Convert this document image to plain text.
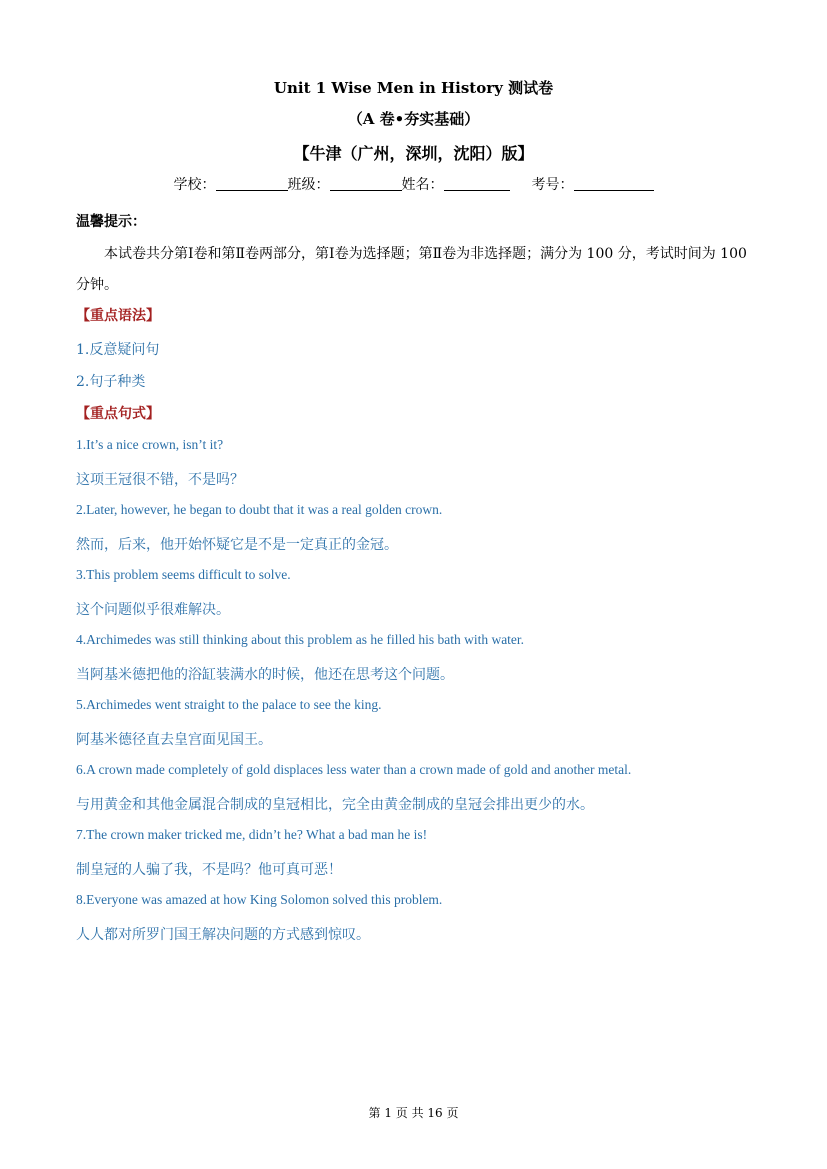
Unit 1 Wise Men in History 测试卷
（A 卷•夯实基础）
【牛津（广州，深圳，沈阳）版】
学校：	班级：	姓名：	考号：
温馨提示：
本试卷共分第Ⅰ卷和第Ⅱ卷两部分，第Ⅰ卷为选择题；第Ⅱ卷为非选择题；满分为 100 分，考试时间为 100 分钟。
【重点语法】
1.反意疑问句
2.句子种类
【重点句式】
1.It’s a nice crown, isn’t it?
这项王冠很不错，不是吗？
2.Later, however, he began to doubt that it was a real golden crown.
然而，后来，他开始怀疑它是不是一定真正的金冠。
3.This problem seems difficult to solve.
这个问题似乎很难解决。
4.Archimedes was still thinking about this problem as he filled his bath with water.
当阿基米德把他的浴缸装满水的时候，他还在思考这个问题。
5.Archimedes went straight to the palace to see the king.
阿基米德径直去皇宫面见国王。
6.A crown made completely of gold displaces less water than a crown made of gold and another metal.
与用黄金和其他金属混合制成的皇冠相比，完全由黄金制成的皇冠会排出更少的水。
7.The crown maker tricked me, didn’t he? What a bad man he is!
制皇冠的人骗了我，不是吗？他可真可恶！
8.Everyone was amazed at how King Solomon solved this problem.
人人都对所罗门国王解决问题的方式感到惊叹。
第 1 页 共 16 页
